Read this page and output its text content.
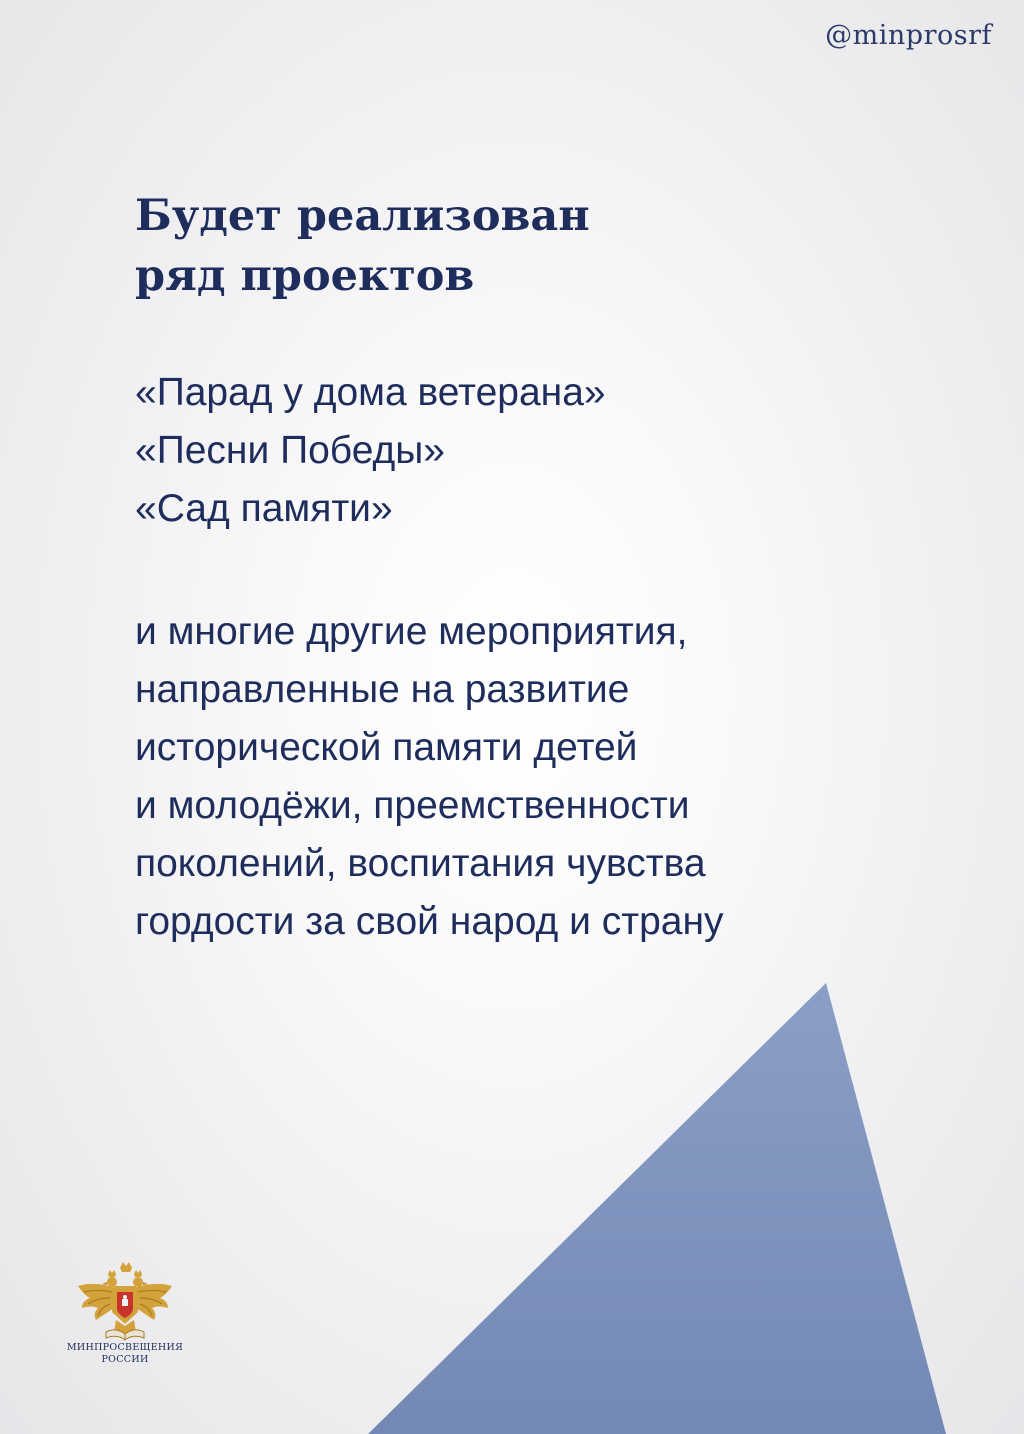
@minprosrf
Будет реализован
ряд проектов
«Парад у дома ветерана»
«Песни Победы»
«Сад памяти»

и многие другие мероприятия,
направленные на развитие
исторической памяти детей
и молодёжи, преемственности
поколений, воспитания чувства
гордости за свой народ и страну

МИНПРОСВЕЩЕНИЯ
РОССИИ
